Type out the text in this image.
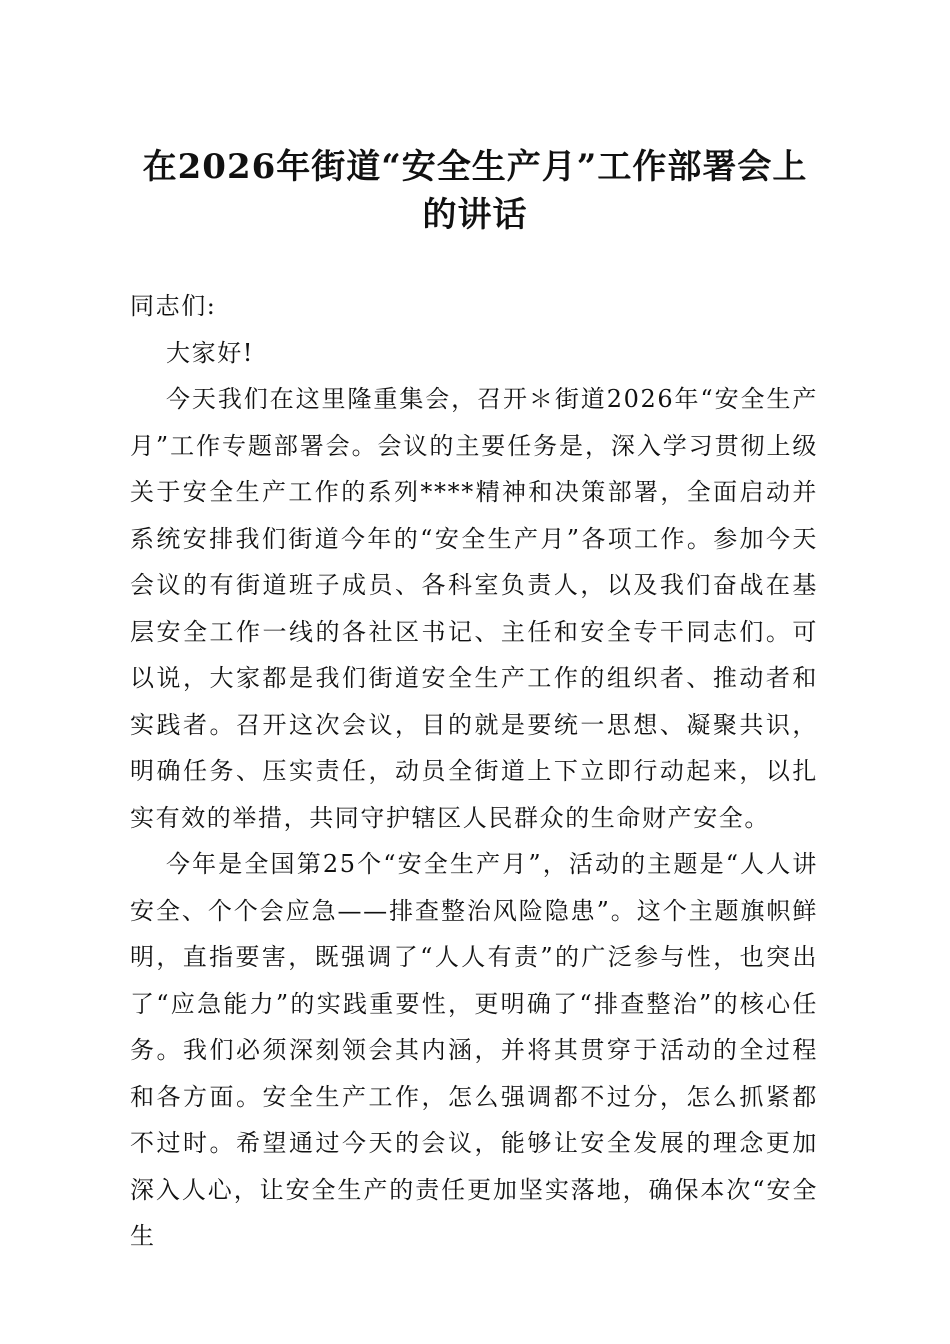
在2026年街道“安全生产月”工作部署会上
的讲话

同志们:

大家好!

今天我们在这里隆重集会，召开＊街道2026年“安全生产月”工作专题部署会。会议的主要任务是，深入学习贯彻上级关于安全生产工作的系列****精神和决策部署，全面启动并系统安排我们街道今年的“安全生产月”各项工作。参加今天会议的有街道班子成员、各科室负责人，以及我们奋战在基层安全工作一线的各社区书记、主任和安全专干同志们。可以说，大家都是我们街道安全生产工作的组织者、推动者和实践者。召开这次会议，目的就是要统一思想、凝聚共识，明确任务、压实责任，动员全街道上下立即行动起来，以扎实有效的举措，共同守护辖区人民群众的生命财产安全。

今年是全国第25个“安全生产月”，活动的主题是“人人讲安全、个个会应急——排查整治风险隐患”。这个主题旗帜鲜明，直指要害，既强调了“人人有责”的广泛参与性，也突出了“应急能力”的实践重要性，更明确了“排查整治”的核心任务。我们必须深刻领会其内涵，并将其贯穿于活动的全过程和各方面。安全生产工作，怎么强调都不过分，怎么抓紧都不过时。希望通过今天的会议，能够让安全发展的理念更加深入人心，让安全生产的责任更加坚实落地，确保本次“安全生
